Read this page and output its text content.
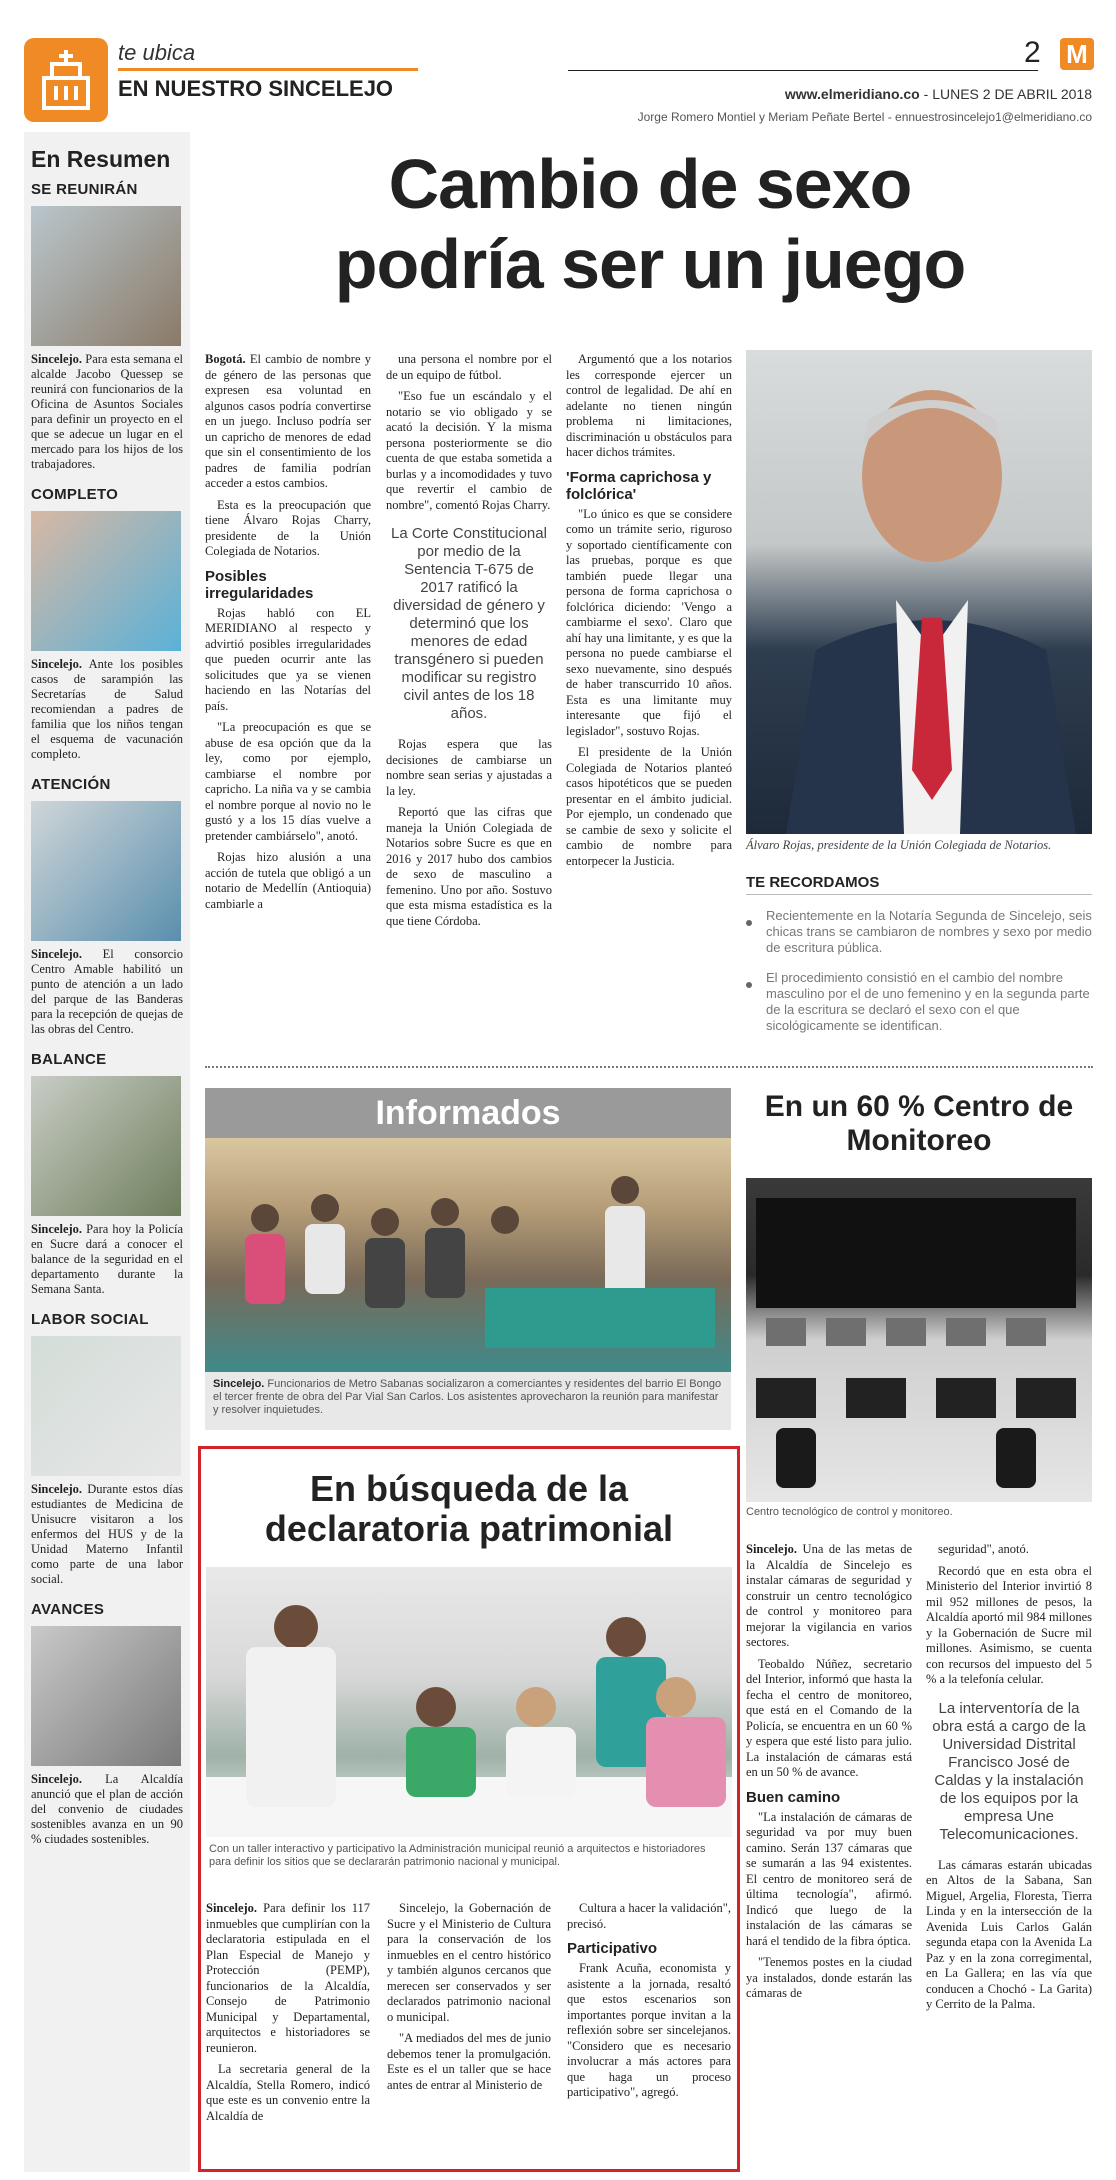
te ubica
EN NUESTRO SINCELEJO
2 M
www.elmeridiano.co - LUNES 2 DE ABRIL 2018
Jorge Romero Montiel y Meriam Peñate Bertel - ennuestrosincelejo1@elmeridiano.co
En Resumen
SE REUNIRÁN
Sincelejo. Para esta semana el alcalde Jacobo Quessep se reunirá con funcionarios de la Oficina de Asuntos Sociales para definir un proyecto en el que se adecue un lugar en el mercado para los hijos de los trabajadores.
COMPLETO
Sincelejo. Ante los posibles casos de sarampión las Secretarías de Salud recomiendan a padres de familia que los niños tengan el esquema de vacunación completo.
ATENCIÓN
Sincelejo. El consorcio Centro Amable habilitó un punto de atención a un lado del parque de las Banderas para la recepción de quejas de las obras del Centro.
BALANCE
Sincelejo. Para hoy la Policía en Sucre dará a conocer el balance de la seguridad en el departamento durante la Semana Santa.
LABOR SOCIAL
Sincelejo. Durante estos días estudiantes de Medicina de Unisucre visitaron a los enfermos del HUS y de la Unidad Materno Infantil como parte de una labor social.
AVANCES
Sincelejo. La Alcaldía anunció que el plan de acción del convenio de ciudades sostenibles avanza en un 90 % ciudades sostenibles.
Cambio de sexo
podría ser un juego

Bogotá. El cambio de nombre y de género de las personas que expresen esa voluntad en algunos casos podría convertirse en un juego. Incluso podría ser un capricho de menores de edad que sin el consentimiento de los padres de familia podrían acceder a estos cambios.

Esta es la preocupación que tiene Álvaro Rojas Charry, presidente de la Unión Colegiada de Notarios.

Posibles irregularidades

Rojas habló con EL MERIDIANO al respecto y advirtió posibles irregularidades que pueden ocurrir ante las solicitudes que ya se vienen haciendo en las Notarías del país.

"La preocupación es que se abuse de esa opción que da la ley, como por ejemplo, cambiarse el nombre por capricho. La niña va y se cambia el nombre porque al novio no le gustó y a los 15 días vuelve a pretender cambiárselo", anotó.

Rojas hizo alusión a una acción de tutela que obligó a un notario de Medellín (Antioquia) cambiarle a

una persona el nombre por el de un equipo de fútbol.

"Eso fue un escándalo y el notario se vio obligado y se acató la decisión. Y la misma persona posteriormente se dio cuenta de que estaba sometida a burlas y a incomodidades y tuvo que revertir el cambio de nombre", comentó Rojas Charry.

La Corte Constitucional por medio de la Sentencia T-675 de 2017 ratificó la diversidad de género y determinó que los menores de edad transgénero si pueden modificar su registro civil antes de los 18 años.

Rojas espera que las decisiones de cambiarse un nombre sean serias y ajustadas a la ley.

Reportó que las cifras que maneja la Unión Colegiada de Notarios sobre Sucre es que en 2016 y 2017 hubo dos cambios de sexo de masculino a femenino. Uno por año. Sostuvo que esta misma estadística es la que tiene Córdoba.

Argumentó que a los notarios les corresponde ejercer un control de legalidad. De ahí en adelante no tienen ningún problema ni limitaciones, discriminación u obstáculos para hacer dichos trámites.

'Forma caprichosa y folclórica'

"Lo único es que se considere como un trámite serio, riguroso y soportado científicamente con las pruebas, porque es que también puede llegar una persona de forma caprichosa o folclórica diciendo: 'Vengo a cambiarme el sexo'. Claro que ahí hay una limitante, y es que la persona no puede cambiarse el sexo nuevamente, sino después de haber transcurrido 10 años. Esta es una limitante muy interesante que fijó el legislador", sostuvo Rojas.

El presidente de la Unión Colegiada de Notarios planteó casos hipotéticos que se pueden presentar en el ámbito judicial. Por ejemplo, un condenado que se cambie de sexo y solicite el cambio de nombre para entorpecer la Justicia.

Álvaro Rojas, presidente de la Unión Colegiada de Notarios.
TE RECORDAMOS
Recientemente en la Notaría Segunda de Sincelejo, seis chicas trans se cambiaron de nombres y sexo por medio de escritura pública.
El procedimiento consistió en el cambio del nombre masculino por el de uno femenino y en la segunda parte de la escritura se declaró el sexo con el que sicológicamente se identifican.
Informados
Sincelejo. Funcionarios de Metro Sabanas socializaron a comerciantes y residentes del barrio El Bongo el tercer frente de obra del Par Vial San Carlos. Los asistentes aprovecharon la reunión para manifestar y resolver inquietudes.
En un 60 % Centro de Monitoreo
Centro tecnológico de control y monitoreo.

Sincelejo. Una de las metas de la Alcaldía de Sincelejo es instalar cámaras de seguridad y construir un centro tecnológico de control y monitoreo para mejorar la vigilancia en varios sectores.

Teobaldo Núñez, secretario del Interior, informó que hasta la fecha el centro de monitoreo, que está en el Comando de la Policía, se encuentra en un 60 % y espera que esté listo para julio. La instalación de cámaras está en un 50 % de avance.

Buen camino

"La instalación de cámaras de seguridad va por muy buen camino. Serán 137 cámaras que se sumarán a las 94 existentes. El centro de monitoreo será de última tecnología", afirmó. Indicó que luego de la instalación de las cámaras se hará el tendido de la fibra óptica.

"Tenemos postes en la ciudad ya instalados, donde estarán las cámaras de

seguridad", anotó.

Recordó que en esta obra el Ministerio del Interior invirtió 8 mil 952 millones de pesos, la Alcaldía aportó mil 984 millones y la Gobernación de Sucre mil millones. Asimismo, se cuenta con recursos del impuesto del 5 % a la telefonía celular.

La interventoría de la obra está a cargo de la Universidad Distrital Francisco José de Caldas y la instalación de los equipos por la empresa Une Telecomunicaciones.

Las cámaras estarán ubicadas en Altos de la Sabana, San Miguel, Argelia, Floresta, Tierra Linda y en la intersección de la Avenida Luis Carlos Galán segunda etapa con la Avenida La Paz y en la zona corregimental, en La Gallera; en las vía que conducen a Chochó - La Garita) y Cerrito de la Palma.

En búsqueda de la
declaratoria patrimonial
Con un taller interactivo y participativo la Administración municipal reunió a arquitectos e historiadores para definir los sitios que se declararán patrimonio nacional y municipal.

Sincelejo. Para definir los 117 inmuebles que cumplirían con la declaratoria estipulada en el Plan Especial de Manejo y Protección (PEMP), funcionarios de la Alcaldía, Consejo de Patrimonio Municipal y Departamental, arquitectos e historiadores se reunieron.

La secretaria general de la Alcaldía, Stella Romero, indicó que este es un convenio entre la Alcaldía de

Sincelejo, la Gobernación de Sucre y el Ministerio de Cultura para la conservación de los inmuebles en el centro histórico y también algunos cercanos que merecen ser conservados y ser declarados patrimonio nacional o municipal.

"A mediados del mes de junio debemos tener la promulgación. Este es el un taller que se hace antes de entrar al Ministerio de

Cultura a hacer la validación", precisó.

Participativo

Frank Acuña, economista y asistente a la jornada, resaltó que estos escenarios son importantes porque invitan a la reflexión sobre ser sincelejanos. "Considero que es necesario involucrar a más actores para que haga un proceso participativo", agregó.
